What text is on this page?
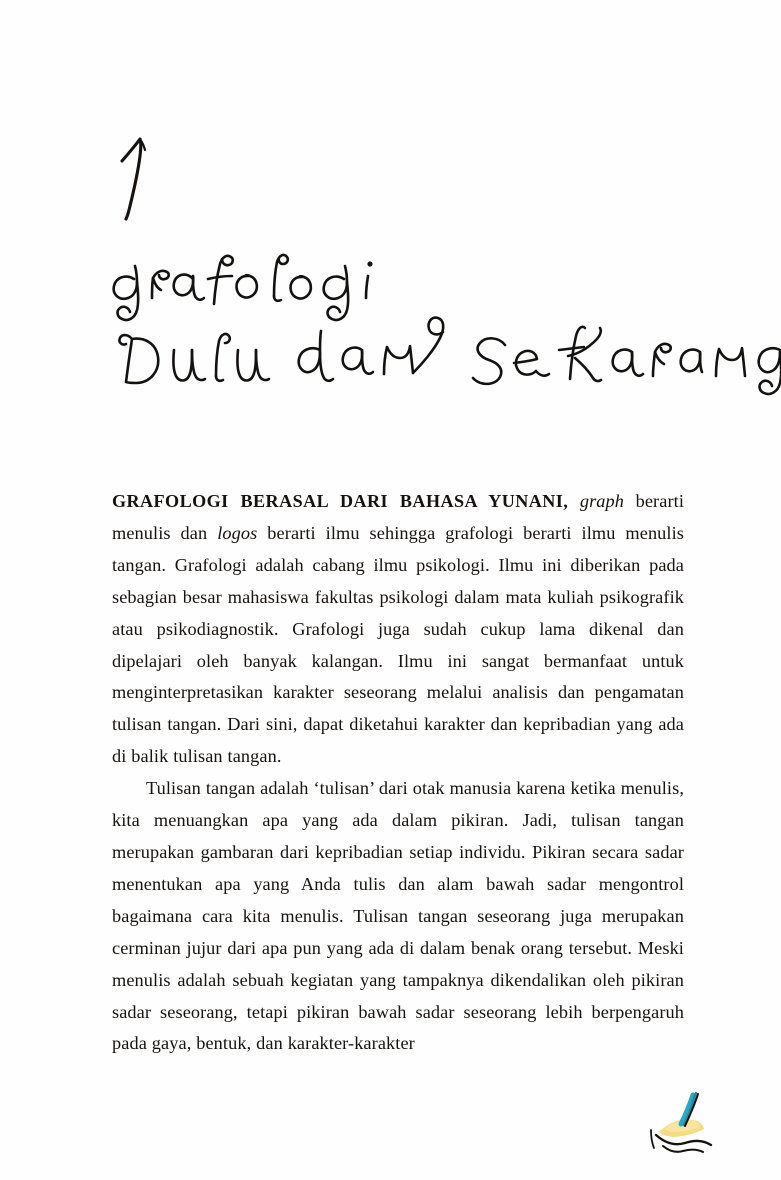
GRAFOLOGI BERASAL DARI BAHASA YUNANI, graph berarti menulis dan logos berarti ilmu sehingga grafologi berarti ilmu menulis tangan. Grafologi adalah cabang ilmu psikologi. Ilmu ini diberikan pada sebagian besar mahasiswa fakultas psikologi dalam mata kuliah psikografik atau psikodiagnostik. Grafologi juga sudah cukup lama dikenal dan dipelajari oleh banyak kalangan. Ilmu ini sangat bermanfaat untuk menginterpretasikan karakter seseorang melalui analisis dan pengamatan tulisan tangan. Dari sini, dapat diketahui karakter dan kepribadian yang ada di balik tulisan tangan.

Tulisan tangan adalah ‘tulisan’ dari otak manusia karena ketika menulis, kita menuangkan apa yang ada dalam pikiran. Jadi, tulisan tangan merupakan gambaran dari kepribadian setiap individu. Pikiran secara sadar menentukan apa yang Anda tulis dan alam bawah sadar mengontrol bagaimana cara kita menulis. Tulisan tangan seseorang juga merupakan cerminan jujur dari apa pun yang ada di dalam benak orang tersebut. Meski menulis adalah sebuah kegiatan yang tampaknya dikendalikan oleh pikiran sadar seseorang, tetapi pikiran bawah sadar seseorang lebih berpengaruh pada gaya, bentuk, dan karakter-karakter
